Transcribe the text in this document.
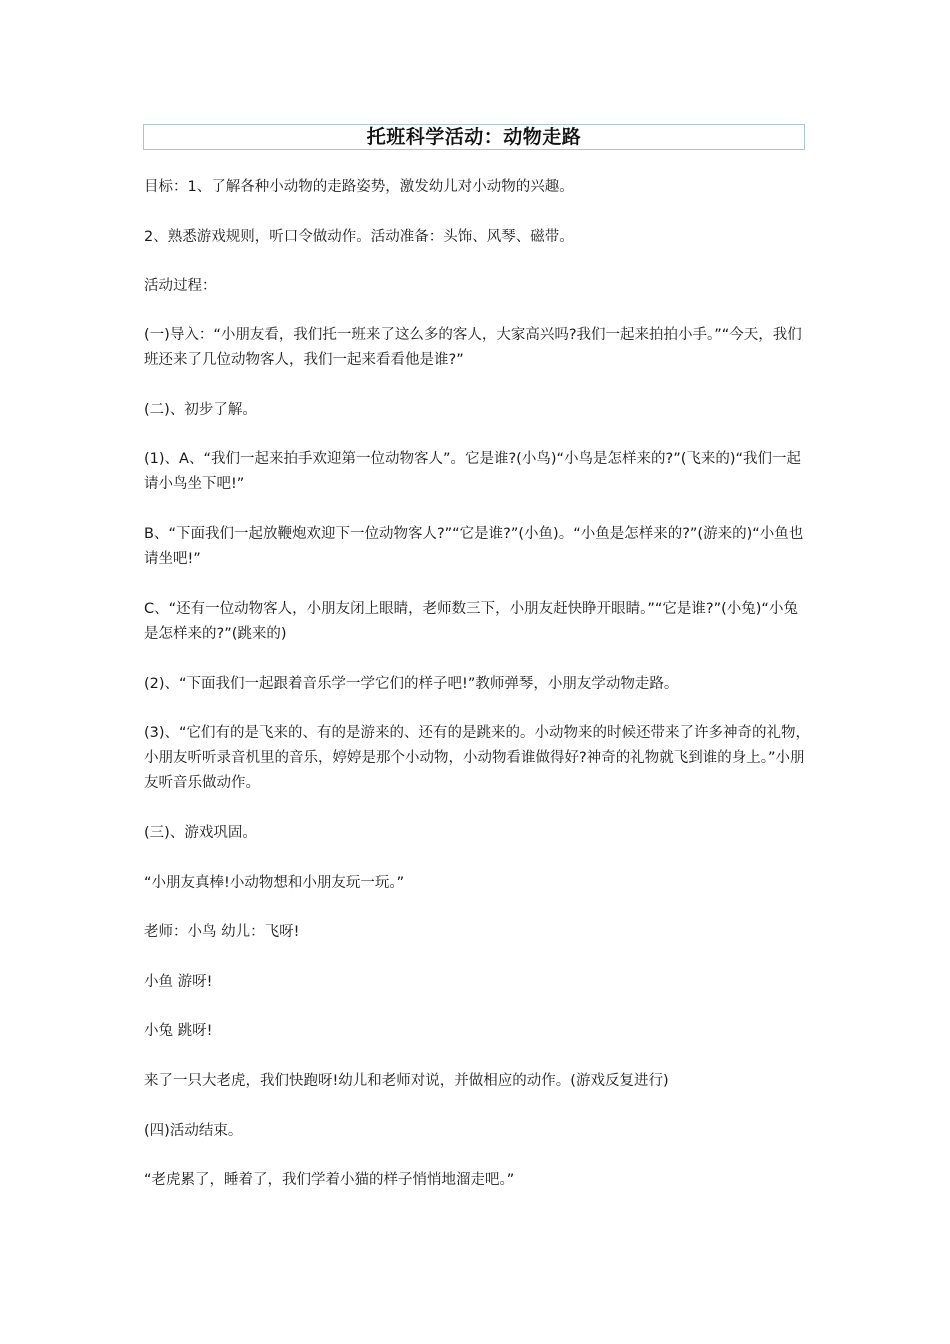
托班科学活动：动物走路

目标：1、了解各种小动物的走路姿势，激发幼儿对小动物的兴趣。

2、熟悉游戏规则，听口令做动作。活动准备：头饰、风琴、磁带。

活动过程：

(一)导入：“小朋友看，我们托一班来了这么多的客人，大家高兴吗?我们一起来拍拍小手。”“今天，我们班还来了几位动物客人，我们一起来看看他是谁?”

(二)、初步了解。

(1)、A、“我们一起来拍手欢迎第一位动物客人”。它是谁?(小鸟)“小鸟是怎样来的?”(飞来的)“我们一起请小鸟坐下吧!”

B、“下面我们一起放鞭炮欢迎下一位动物客人?”“它是谁?”(小鱼)。“小鱼是怎样来的?”(游来的)“小鱼也请坐吧!”

C、“还有一位动物客人，小朋友闭上眼睛，老师数三下，小朋友赶快睁开眼睛。”“它是谁?”(小兔)“小兔是怎样来的?”(跳来的)

(2)、“下面我们一起跟着音乐学一学它们的样子吧!”教师弹琴，小朋友学动物走路。

(3)、“它们有的是飞来的、有的是游来的、还有的是跳来的。小动物来的时候还带来了许多神奇的礼物，小朋友听听录音机里的音乐，婷婷是那个小动物，小动物看谁做得好?神奇的礼物就飞到谁的身上。”小朋友听音乐做动作。

(三)、游戏巩固。

“小朋友真棒!小动物想和小朋友玩一玩。”

老师：小鸟 幼儿：飞呀!

小鱼 游呀!

小兔 跳呀!

来了一只大老虎，我们快跑呀!幼儿和老师对说，并做相应的动作。(游戏反复进行)

(四)活动结束。

“老虎累了，睡着了，我们学着小猫的样子悄悄地溜走吧。”
